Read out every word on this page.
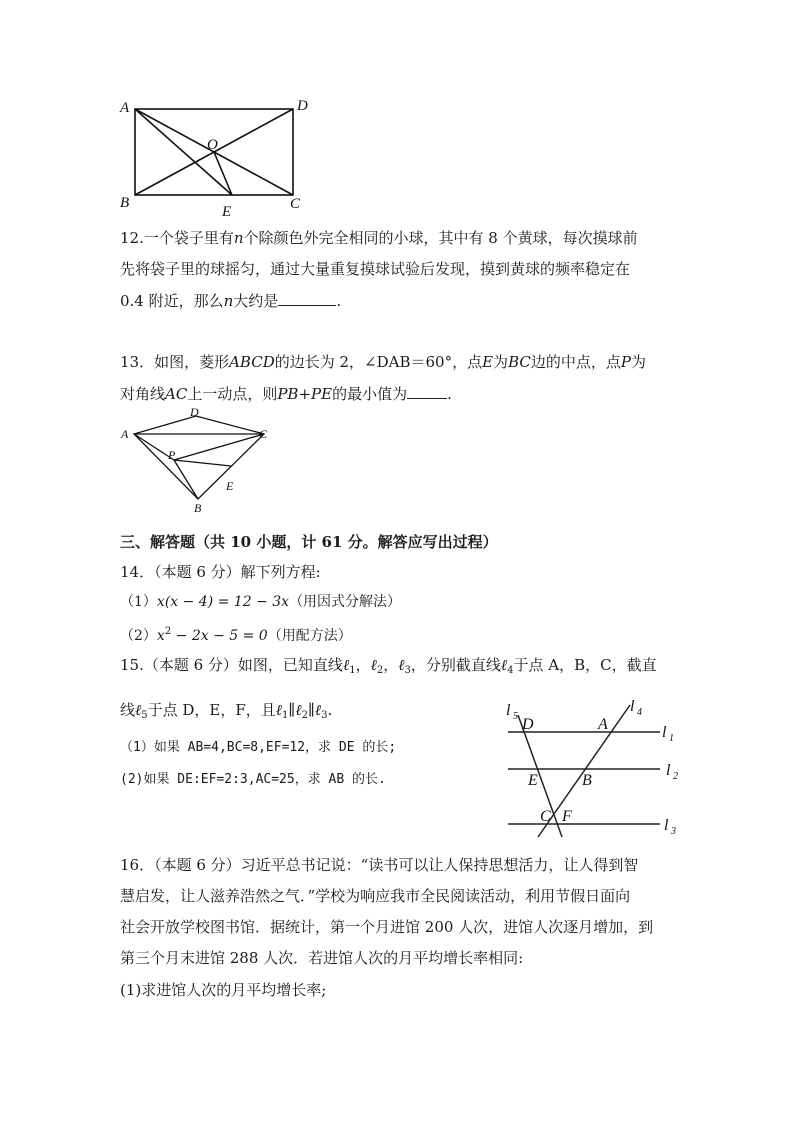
A	D
O
B	C
E
12.一个袋子里有n个除颜色外完全相同的小球，其中有 8 个黄球，每次摸球前
先将袋子里的球摇匀，通过大量重复摸球试验后发现，摸到黄球的频率稳定在
0.4 附近，那么n大约是	.
13．如图，菱形ABCD的边长为 2，∠DAB＝60°，点E为BC边的中点，点P为
对角线AC上一动点，则PB+PE的最小值为	.
D
A
P
C
E
B
三、解答题（共 10 小题，计 61 分。解答应写出过程）
14．（本题 6 分）解下列方程:
（1）x(x − 4) = 12 − 3x（用因式分解法）
$(2)x^2 - 2x - 5 = 0$（用配方法）
15.（本题 6 分）如图，已知直线ℓ$_1$，ℓ$_2$，ℓ$_3$，分别截直线ℓ$_4$于点 A，B，C，截直
线ℓ$_5$于点 D，E，F，且ℓ$_1$∥ℓ$_2$∥ℓ$_3$.
（1）如果 AB=4,BC=8,EF=12，求 DE 的长;
(2)如果 DE:EF=2:3,AC=25，求 AB 的长.
l 5 D	A
l 4
l 1
E	B
l 2
C F
l 3
16．（本题 6 分）习近平总书记说：“读书可以让人保持思想活力，让人得到智
慧启发，让人滋养浩然之气．”学校为响应我市全民阅读活动，利用节假日面向
社会开放学校图书馆．据统计，第一个月进馆 200 人次，进馆人次逐月增加，到
第三个月末进馆 288 人次．若进馆人次的月平均增长率相同:
(1)求进馆人次的月平均增长率;
